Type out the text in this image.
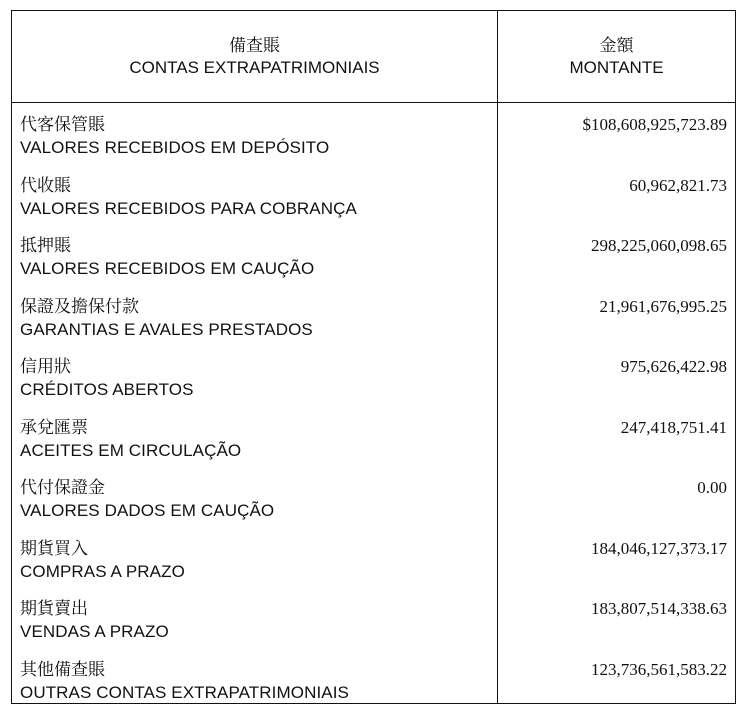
備查賬
CONTAS EXTRAPATRIMONIAIS
金額
MONTANTE
代客保管賬
VALORES RECEBIDOS EM DEPÓSITO
$108,608,925,723.89
代收賬
VALORES RECEBIDOS PARA COBRANÇA
60,962,821.73
抵押賬
VALORES RECEBIDOS EM CAUÇÃO
298,225,060,098.65
保證及擔保付款
GARANTIAS E AVALES PRESTADOS
21,961,676,995.25
信用狀
CRÉDITOS ABERTOS
975,626,422.98
承兌匯票
ACEITES EM CIRCULAÇÃO
247,418,751.41
代付保證金
VALORES DADOS EM CAUÇÃO
0.00
期貨買入
COMPRAS A PRAZO
184,046,127,373.17
期貨賣出
VENDAS A PRAZO
183,807,514,338.63
其他備查賬
OUTRAS CONTAS EXTRAPATRIMONIAIS
123,736,561,583.22
